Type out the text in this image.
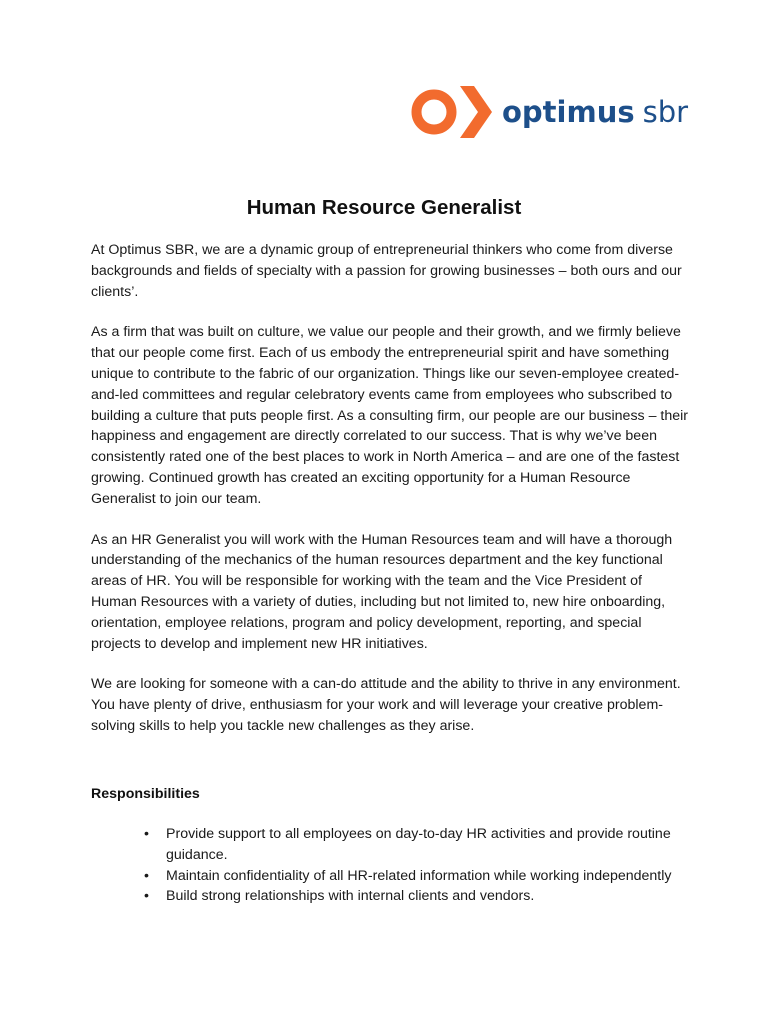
optimus sbr
Human Resource Generalist

At Optimus SBR, we are a dynamic group of entrepreneurial thinkers who come from diverse backgrounds and fields of specialty with a passion for growing businesses – both ours and our clients’.

As a firm that was built on culture, we value our people and their growth, and we firmly believe that our people come first. Each of us embody the entrepreneurial spirit and have something unique to contribute to the fabric of our organization. Things like our seven-employee created-and-led committees and regular celebratory events came from employees who subscribed to building a culture that puts people first. As a consulting firm, our people are our business – their happiness and engagement are directly correlated to our success. That is why we’ve been consistently rated one of the best places to work in North America – and are one of the fastest growing. Continued growth has created an exciting opportunity for a Human Resource Generalist to join our team.

As an HR Generalist you will work with the Human Resources team and will have a thorough understanding of the mechanics of the human resources department and the key functional areas of HR. You will be responsible for working with the team and the Vice President of Human Resources with a variety of duties, including but not limited to, new hire onboarding, orientation, employee relations, program and policy development, reporting, and special projects to develop and implement new HR initiatives.

We are looking for someone with a can-do attitude and the ability to thrive in any environment. You have plenty of drive, enthusiasm for your work and will leverage your creative problem-solving skills to help you tackle new challenges as they arise.

Responsibilities
• Provide support to all employees on day-to-day HR activities and provide routine guidance.
• Maintain confidentiality of all HR-related information while working independently
• Build strong relationships with internal clients and vendors.
